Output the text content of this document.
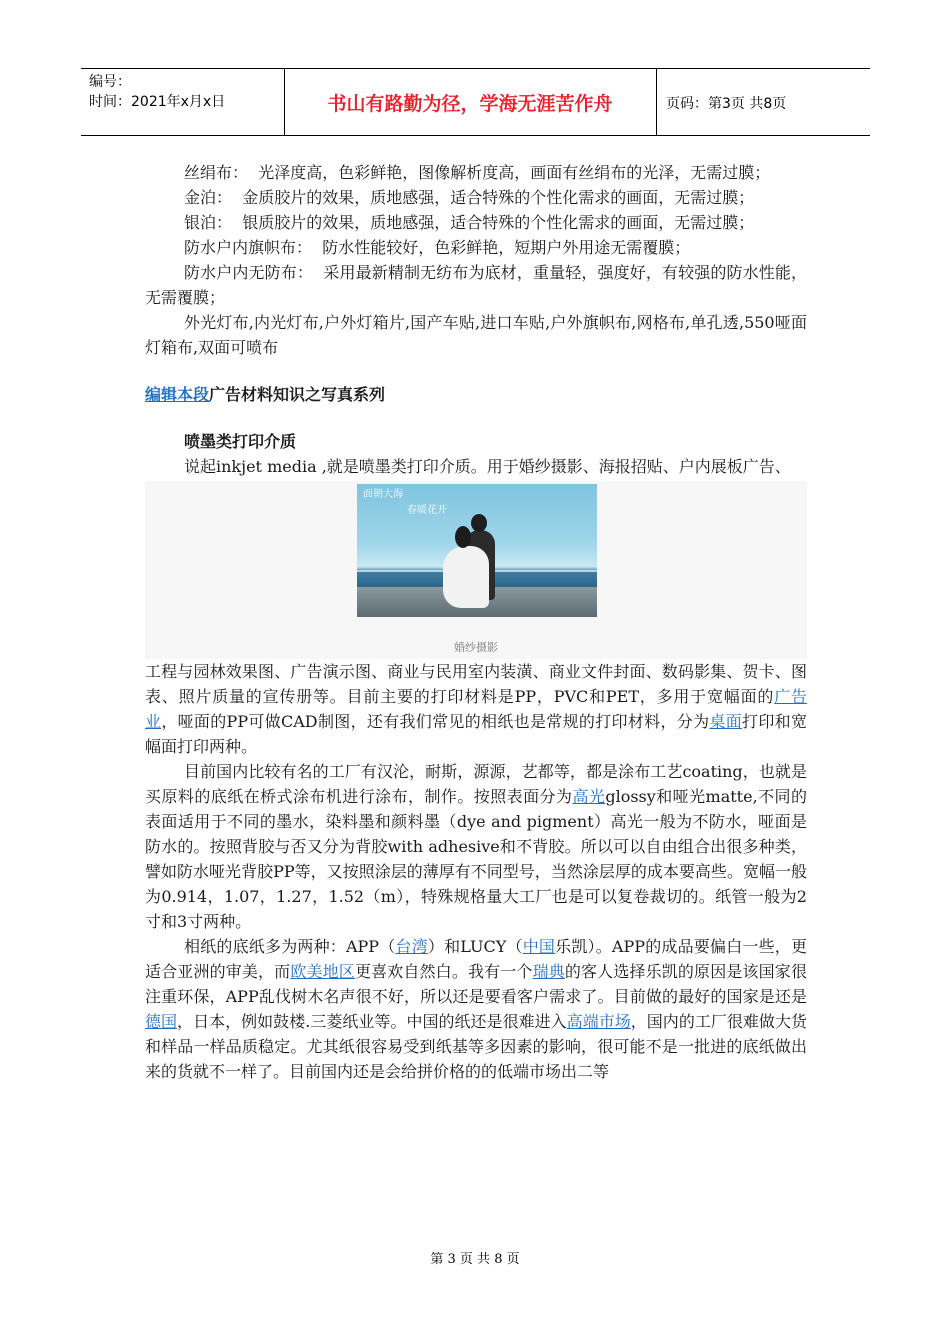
编号：
时间：2021年x月x日	书山有路勤为径，学海无涯苦作舟	页码：第3页 共8页

丝绢布： 光泽度高，色彩鲜艳，图像解析度高，画面有丝绢布的光泽，无需过膜；

金泊： 金质胶片的效果，质地感强，适合特殊的个性化需求的画面，无需过膜；

银泊： 银质胶片的效果，质地感强，适合特殊的个性化需求的画面，无需过膜；

防水户内旗帜布： 防水性能较好，色彩鲜艳，短期户外用途无需覆膜；

防水户内无防布： 采用最新精制无纺布为底材，重量轻，强度好，有较强的防水性能，无需覆膜；

外光灯布,内光灯布,户外灯箱片,国产车贴,进口车贴,户外旗帜布,网格布,单孔透,550哑面灯箱布,双面可喷布

编辑本段广告材料知识之写真系列
喷墨类打印介质

说起inkjet media ,就是喷墨类打印介质。用于婚纱摄影、海报招贴、户内展板广告、

面朝大海
春暖花开
婚纱摄影

工程与园林效果图、广告演示图、商业与民用室内装潢、商业文件封面、数码影集、贺卡、图表、照片质量的宣传册等。目前主要的打印材料是PP，PVC和PET，多用于宽幅面的广告业，哑面的PP可做CAD制图，还有我们常见的相纸也是常规的打印材料，分为桌面打印和宽幅面打印两种。

目前国内比较有名的工厂有汉沦，耐斯，源源，艺都等，都是涂布工艺coating，也就是买原料的底纸在桥式涂布机进行涂布，制作。按照表面分为高光glossy和哑光matte,不同的表面适用于不同的墨水，染料墨和颜料墨（dye and pigment）高光一般为不防水，哑面是防水的。按照背胶与否又分为背胶with adhesive和不背胶。所以可以自由组合出很多种类，譬如防水哑光背胶PP等，又按照涂层的薄厚有不同型号，当然涂层厚的成本要高些。宽幅一般为0.914，1.07，1.27，1.52（m），特殊规格量大工厂也是可以复卷裁切的。纸管一般为2寸和3寸两种。

相纸的底纸多为两种：APP（台湾）和LUCY（中国乐凯）。APP的成品要偏白一些，更适合亚洲的审美，而欧美地区更喜欢自然白。我有一个瑞典的客人选择乐凯的原因是该国家很注重环保，APP乱伐树木名声很不好，所以还是要看客户需求了。目前做的最好的国家是还是德国，日本，例如鼓楼.三菱纸业等。中国的纸还是很难进入高端市场，国内的工厂很难做大货和样品一样品质稳定。尤其纸很容易受到纸基等多因素的影响，很可能不是一批进的底纸做出来的货就不一样了。目前国内还是会给拼价格的的低端市场出二等

第 3 页 共 8 页
